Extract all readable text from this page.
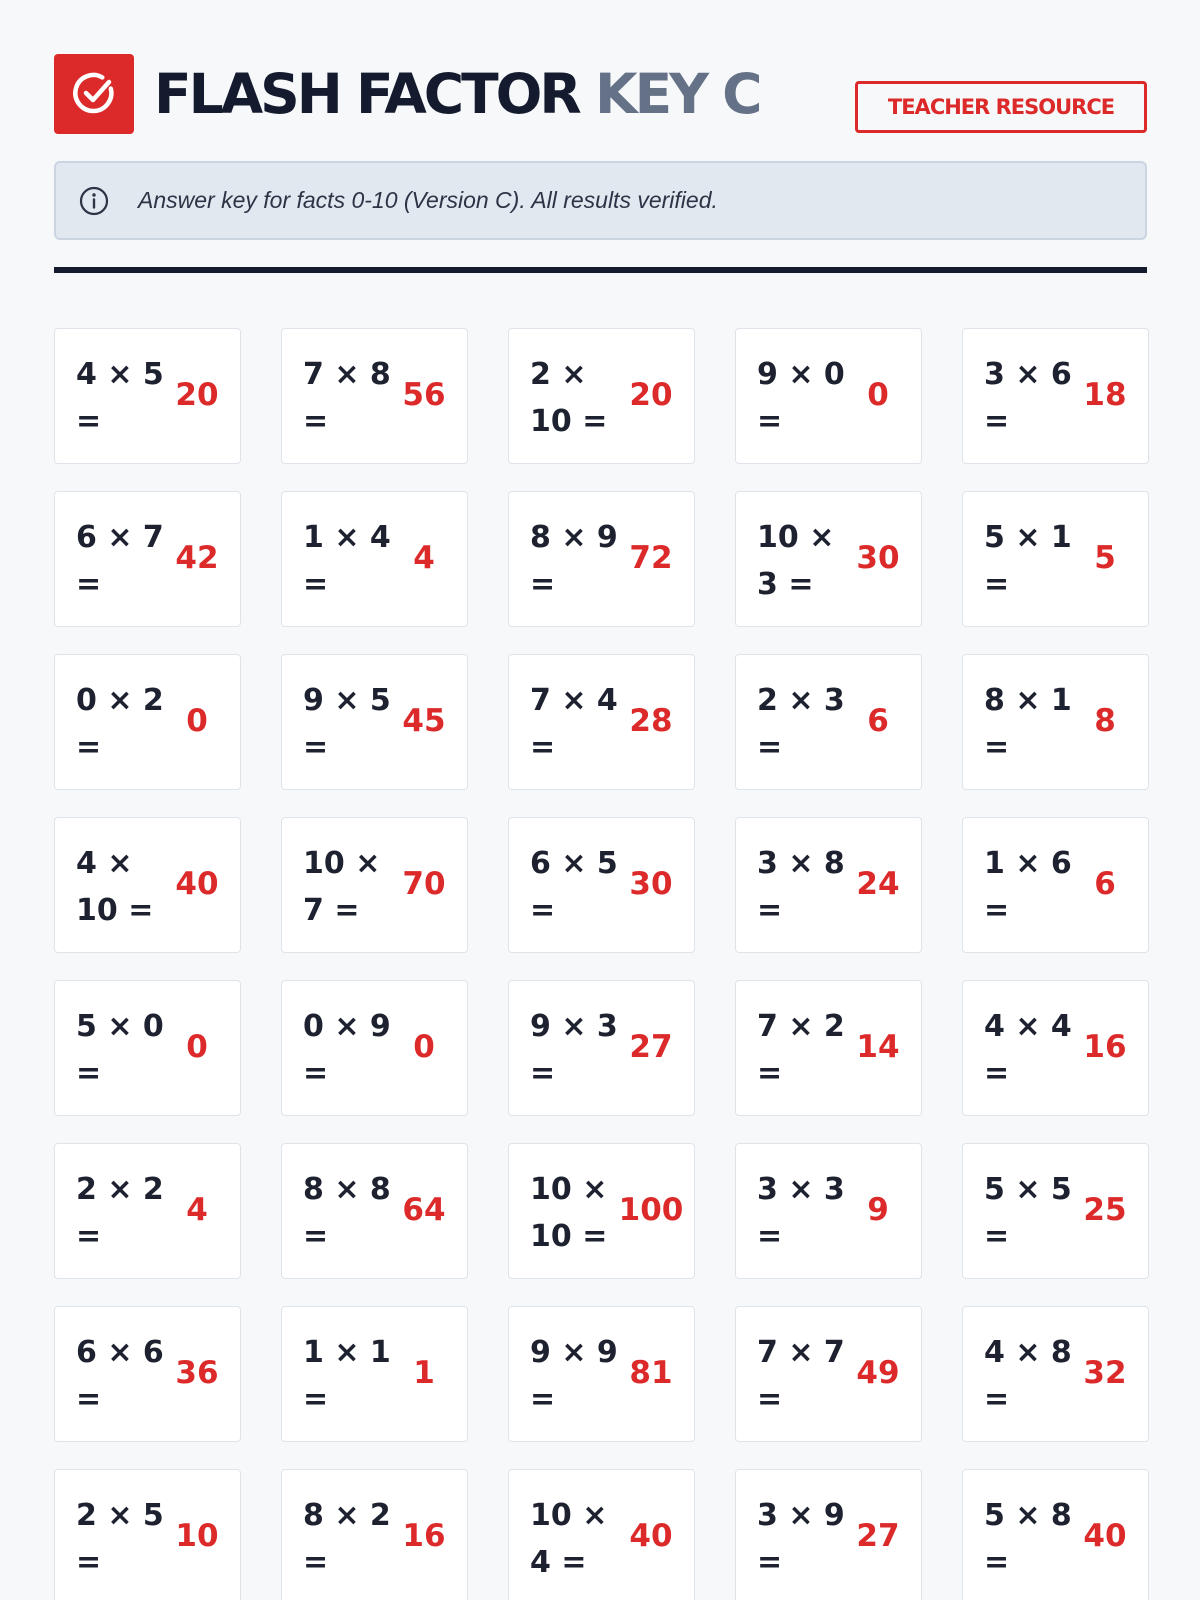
FLASH FACTOR KEY C	TEACHER RESOURCE
Answer key for facts 0-10 (Version C). All results verified.
4 × 5 =
20
7 × 8 =
56
2 × 10 =
20
9 × 0 =
0
3 × 6 =
18
6 × 7 =
42
1 × 4 =
4
8 × 9 =
72
10 × 3 =
30
5 × 1 =
5
0 × 2 =
0
9 × 5 =
45
7 × 4 =
28
2 × 3 =
6
8 × 1 =
8
4 × 10 =
40
10 × 7 =
70
6 × 5 =
30
3 × 8 =
24
1 × 6 =
6
5 × 0 =
0
0 × 9 =
0
9 × 3 =
27
7 × 2 =
14
4 × 4 =
16
2 × 2 =
4
8 × 8 =
64
10 × 10 =
100
3 × 3 =
9
5 × 5 =
25
6 × 6 =
36
1 × 1 =
1
9 × 9 =
81
7 × 7 =
49
4 × 8 =
32
2 × 5 =
10
8 × 2 =
16
10 × 4 =
40
3 × 9 =
27
5 × 8 =
40
